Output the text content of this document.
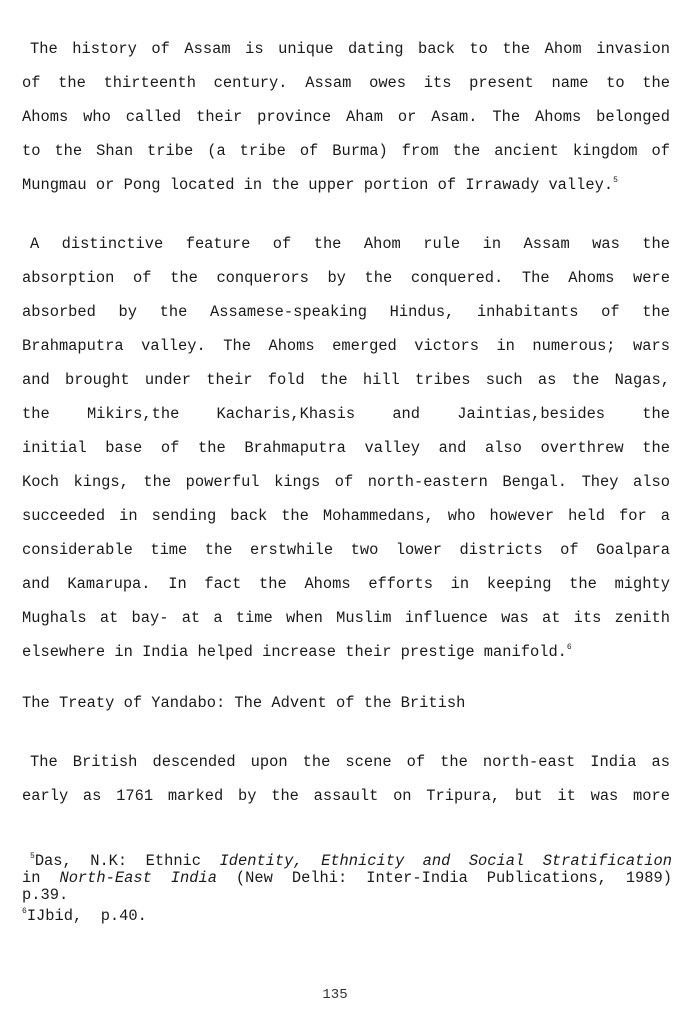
The history of Assam is unique dating back to the Ahom invasion
of the thirteenth century. Assam owes its present name to the
Ahoms who called their province Aham or Asam. The Ahoms belonged
to the Shan tribe (a tribe of Burma) from the ancient kingdom of
Mungmau or Pong located in the upper portion of Irrawady valley.$^5$
A distinctive feature of the Ahom rule in Assam was the
absorption of the conquerors by the conquered. The Ahoms were
absorbed by the Assamese-speaking Hindus, inhabitants of the
Brahmaputra valley. The Ahoms emerged victors in numerous; wars
and brought under their fold the hill tribes such as the Nagas,
the Mikirs,the Kacharis,Khasis and Jaintias,besides the
initial base of the Brahmaputra valley and also overthrew the
Koch kings, the powerful kings of north-eastern Bengal. They also
succeeded in sending back the Mohammedans, who however held for a
considerable time the erstwhile two lower districts of Goalpara
and Kamarupa. In fact the Ahoms efforts in keeping the mighty
Mughals at bay- at a time when Muslim influence was at its zenith
elsewhere in India helped increase their prestige manifold.$^6$
The Treaty of Yandabo: The Advent of the British
The British descended upon the scene of the north-east India as
early as 1761 marked by the assault on Tripura, but it was more
$^5$Das, N.K: Ethnic Identity, Ethnicity and Social Stratification
in North-East India (New Delhi: Inter-India Publications, 1989)
p.39.
$^6$IJbid,  p.40.
135
